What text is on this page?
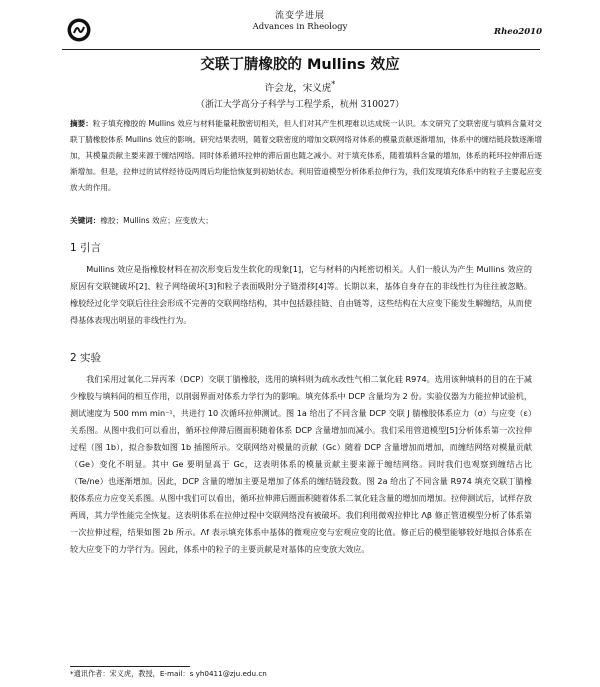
流变学进展
Advances in Rheology
Rheo2010
交联丁腈橡胶的 Mullins 效应
许会龙，宋义虎*
（浙江大学高分子科学与工程学系，杭州 310027）
摘要：粒子填充橡胶的 Mullins 效应与材料能量耗散密切相关，但人们对其产生机理难以达成统一认识。本文研究了交联密度与填料含量对交联丁腈橡胶体系 Mullins 效应的影响。研究结果表明，随着交联密度的增加交联网络对体系的模量贡献逐渐增加，体系中的缠结链段数逐渐增加，其模量贡献主要来源于缠结网络。同时体系循环拉伸的滞后面也随之减小。对于填充体系，随着填料含量的增加，体系的耗环拉伸滞后逐渐增加。但是，拉伸过的试样经待设两周后均能恰恢复到初始状态。利用管道模型分析体系拉伸行为，我们发现填充体系中的粒子主要起应变放大的作用。
关键词：橡胶；Mullins 效应；应变放大；
1 引言
Mullins 效应是指橡胶材料在初次形变后发生软化的现象[1]，它与材料的内耗密切相关。人们一般认为产生 Mullins 效应的原因有交联键破坏[2]、粒子网络破坏[3]和粒子表面吸附分子链滑移[4]等。长期以来，基体自身存在的非线性行为往往被忽略。橡胶经过化学交联后往往会形成不完善的交联网络结构，其中包括悬挂链、自由链等，这些结构在大应变下能发生解缠结，从而使得基体表现出明显的非线性行为。
2 实验
我们采用过氧化二异丙苯（DCP）交联丁腈橡胶，选用的填料则为疏水改性气相二氧化硅 R974。选用该种填料的目的在于减少橡胶与填料间的相互作用，以削弱界面对体系力学行为的影响。填充体系中 DCP 含量均为 2 份。实验仪器为力能拉伸试验机，测试速度为 500 mm min⁻¹，共进行 10 次循环拉伸测试。图 1a 给出了不同含量 DCP 交联 J 腈橡胶体系应力（σ）与应变（ε）关系图。从图中我们可以看出，循环拉伸滞后圈面积随着体系 DCP 含量增加而减小。我们采用管道模型[5]分析体系第一次拉伸过程（图 1b），拟合参数如图 1b 插图所示。交联网络对模量的贡献（Gc）随着 DCP 含量增加而增加，而缠结网络对模量贡献（Ge）变化不明显。其中 Ge 要明显高于 Gc，这表明体系的模量贡献主要来源于缠结网络。同时我们也观察到缠结占比（Te/ne）也逐渐增加。因此，DCP 含量的增加主要是增加了体系的缠结链段数。图 2a 给出了不同含量 R974 填充交联丁腈橡胶体系应力应变关系图。从图中我们可以看出，循环拉伸滞后圈面积随着体系二氧化硅含量的增加而增加。拉伸测试后，试样存放两周，其力学性能完全恢复。这表明体系在拉伸过程中交联网络没有被破坏。我们利用微观拉伸比 Λβ 修正管道模型分析了体系第一次拉伸过程，结果如图 2b 所示。Λf 表示填充体系中基体的微观应变与宏观应变的比值。修正后的模型能够较好地拟合体系在较大应变下的力学行为。因此，体系中的粒子的主要贡献是对基体的应变放大效应。
*通讯作者：宋义虎，教授，E-mail：s yh0411@zju.edu.cn
